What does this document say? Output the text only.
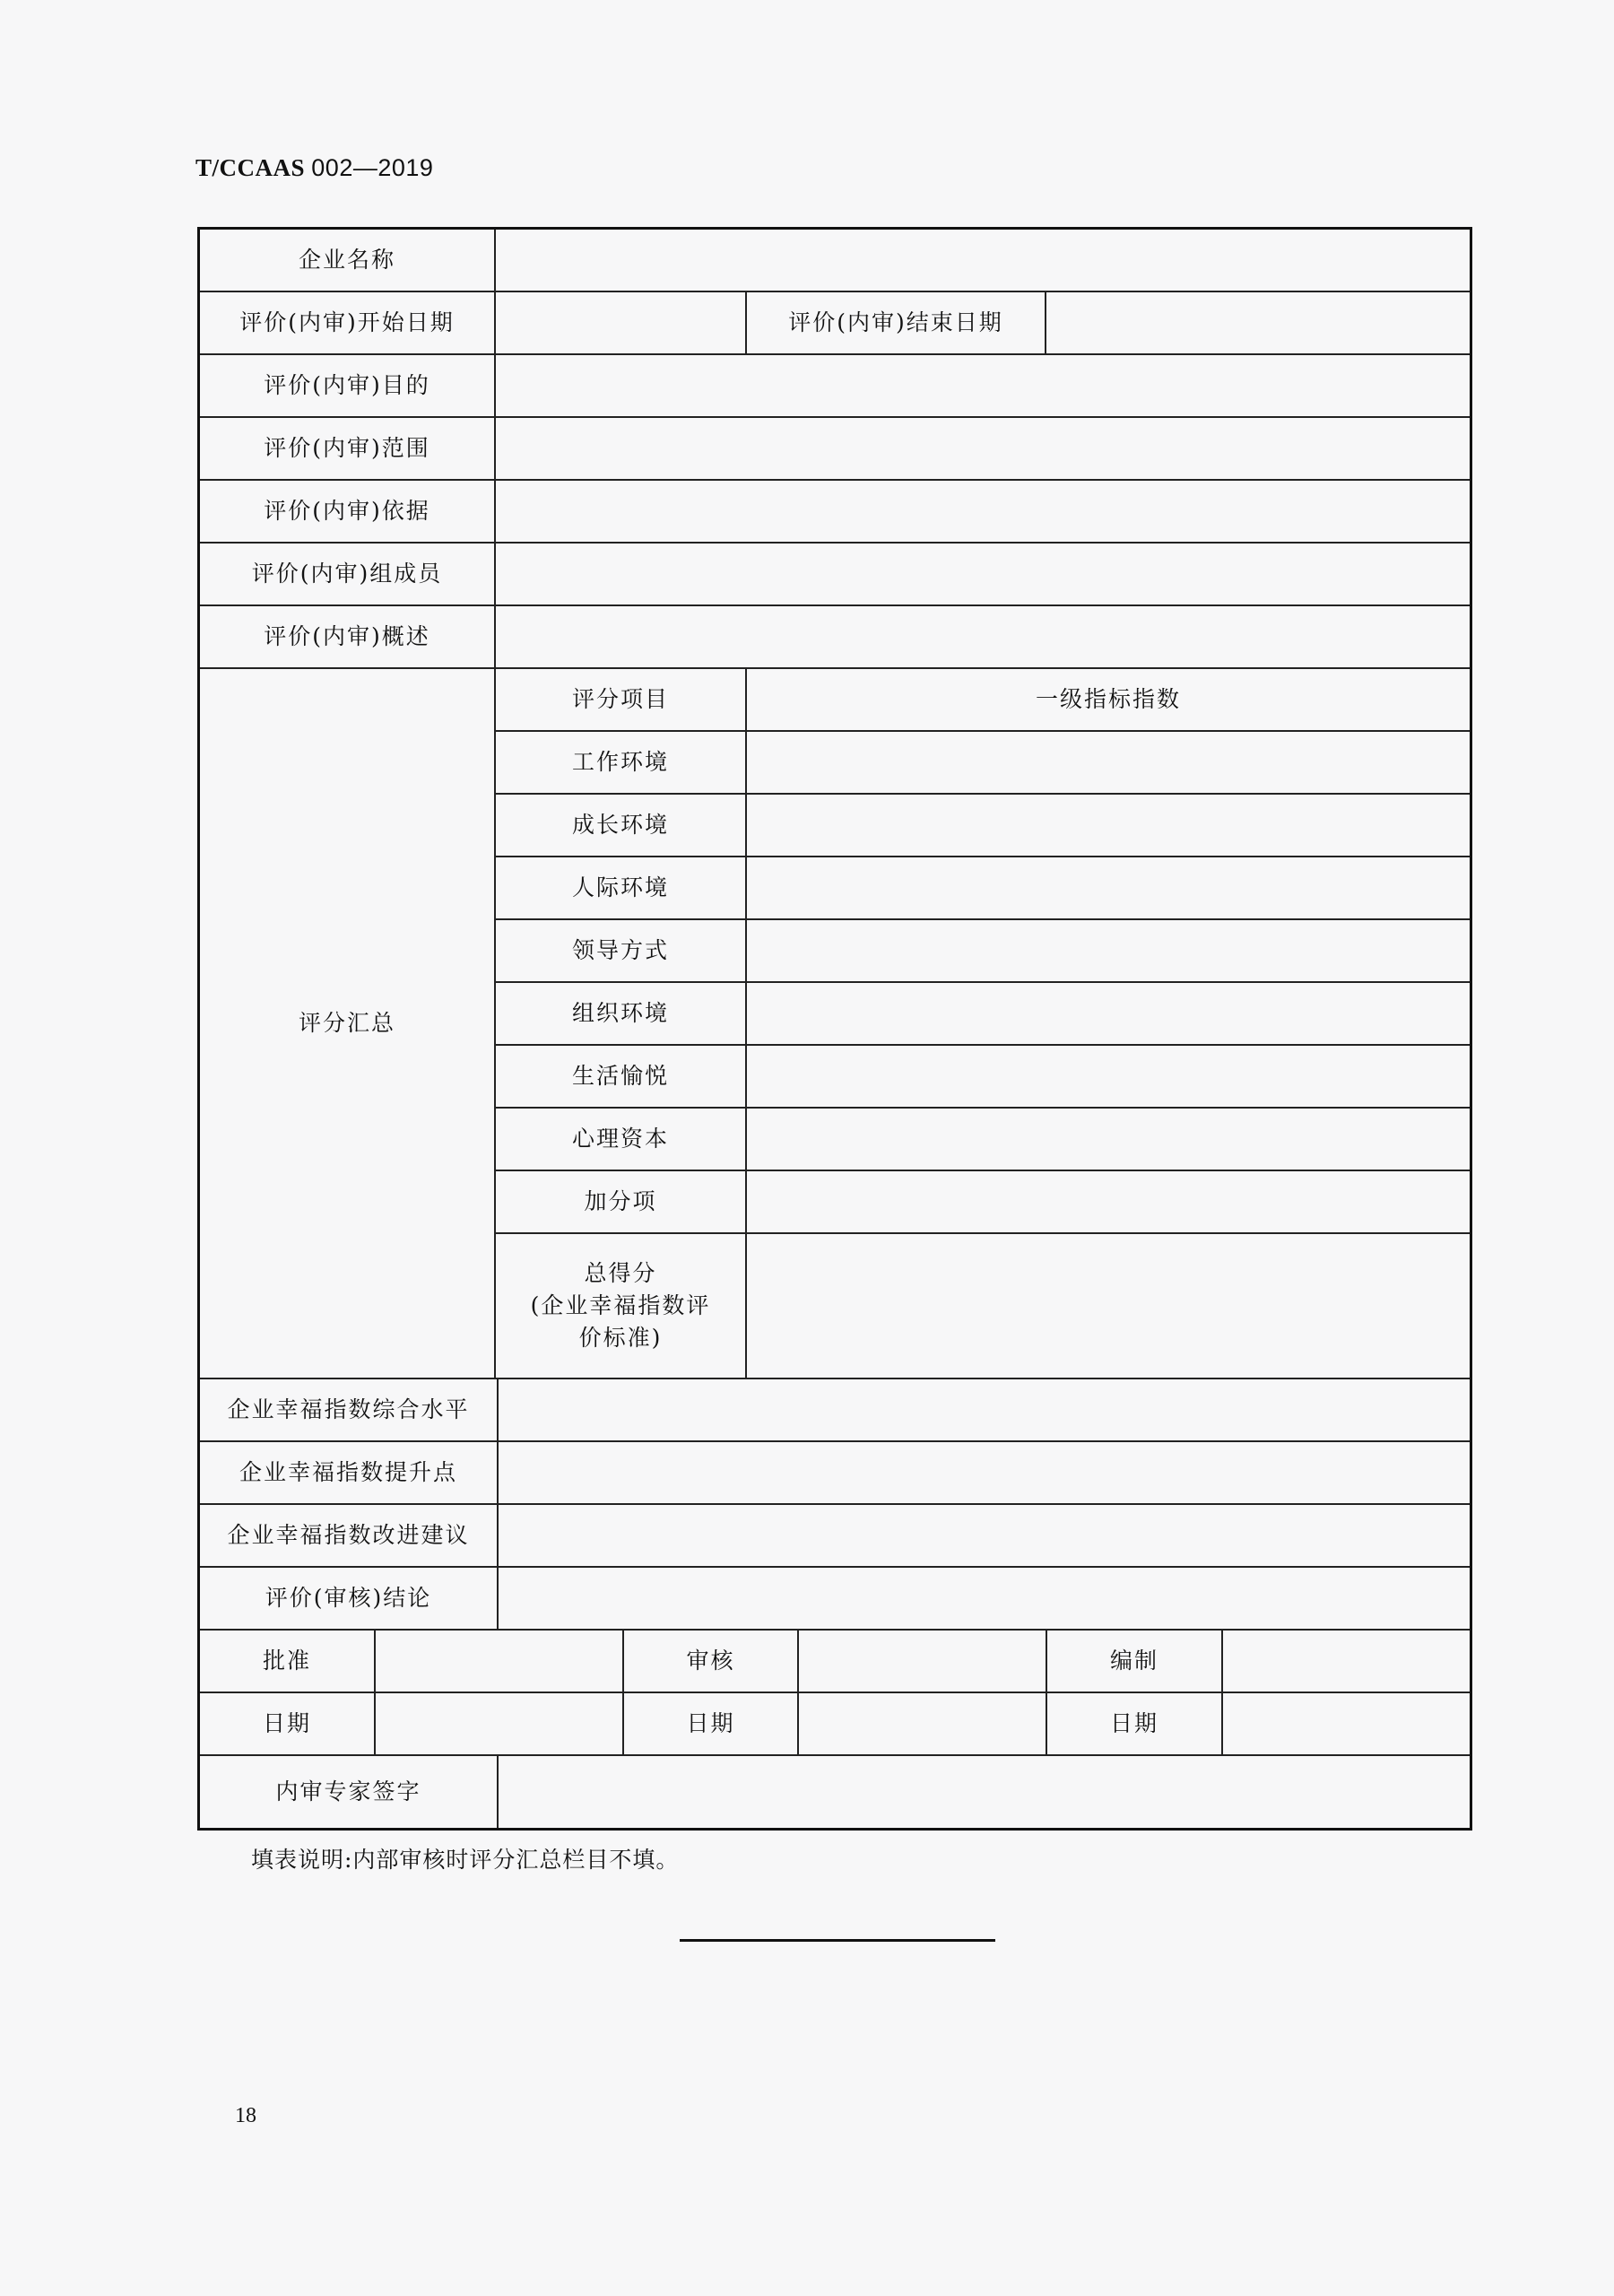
T/CCAAS 002—2019
企业名称
评价(内审)开始日期	评价(内审)结束日期
评价(内审)目的
评价(内审)范围
评价(内审)依据
评价(内审)组成员
评价(内审)概述
评分汇总
评分项目	一级指标指数
工作环境
成长环境
人际环境
领导方式
组织环境
生活愉悦
心理资本
加分项
总得分
(企业幸福指数评
价标准)
企业幸福指数综合水平
企业幸福指数提升点
企业幸福指数改进建议
评价(审核)结论
批准	审核	编制
日期	日期	日期
内审专家签字
填表说明:内部审核时评分汇总栏目不填。
18
